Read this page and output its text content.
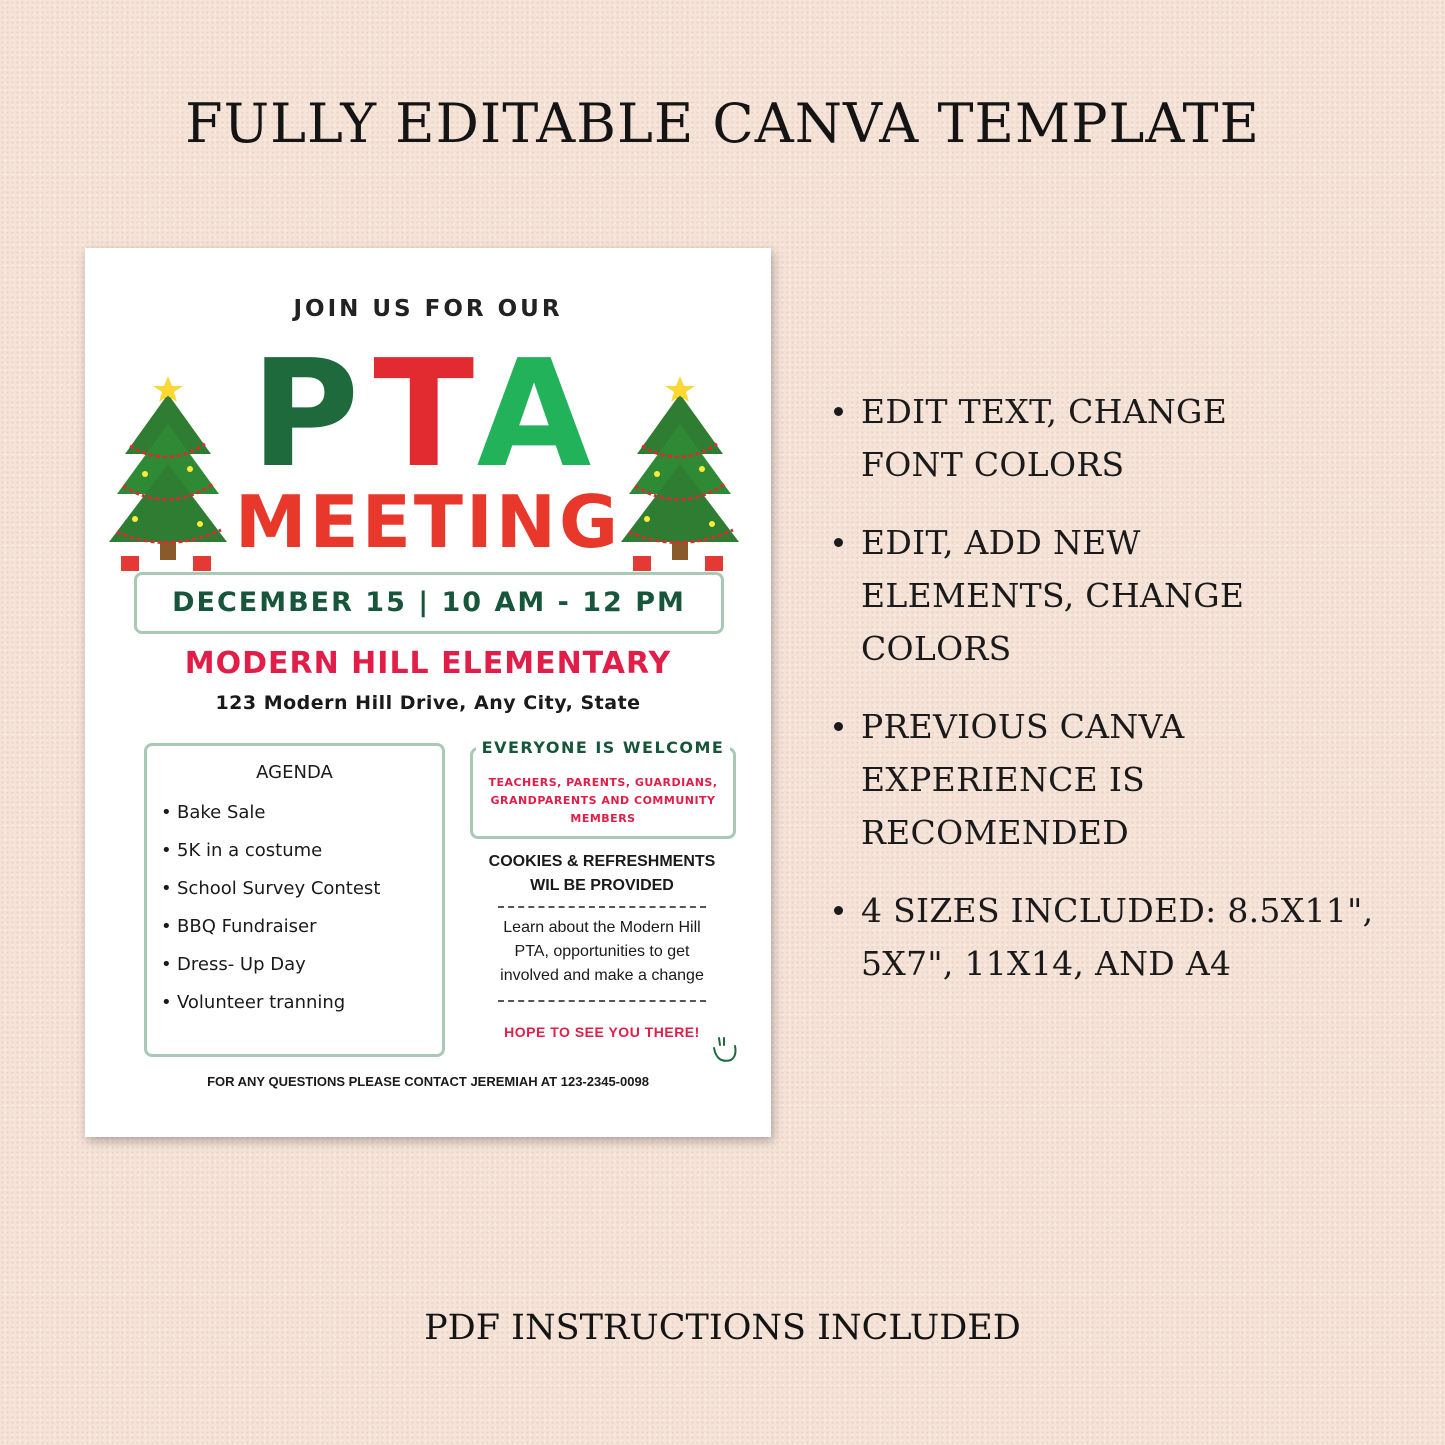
FULLY EDITABLE CANVA TEMPLATE
JOIN US FOR OUR
PTA
MEETING
DECEMBER 15 | 10 AM - 12 PM
MODERN HILL ELEMENTARY
123 Modern Hill Drive, Any City, State
AGENDA
• Bake Sale
• 5K in a costume
• School Survey Contest
• BBQ Fundraiser
• Dress- Up Day
• Volunteer tranning
EVERYONE IS WELCOME
TEACHERS, PARENTS, GUARDIANS,
GRANDPARENTS AND COMMUNITY
MEMBERS
COOKIES & REFRESHMENTS
WIL BE PROVIDED
Learn about the Modern Hill
PTA, opportunities to get
involved and make a change
HOPE TO SEE YOU THERE!
FOR ANY QUESTIONS PLEASE CONTACT JEREMIAH AT 123-2345-0098
EDIT TEXT, CHANGE
FONT COLORS
EDIT, ADD NEW
ELEMENTS, CHANGE
COLORS
PREVIOUS CANVA
EXPERIENCE IS
RECOMENDED
4 SIZES INCLUDED: 8.5X11",
5X7", 11X14, AND A4
PDF INSTRUCTIONS INCLUDED
